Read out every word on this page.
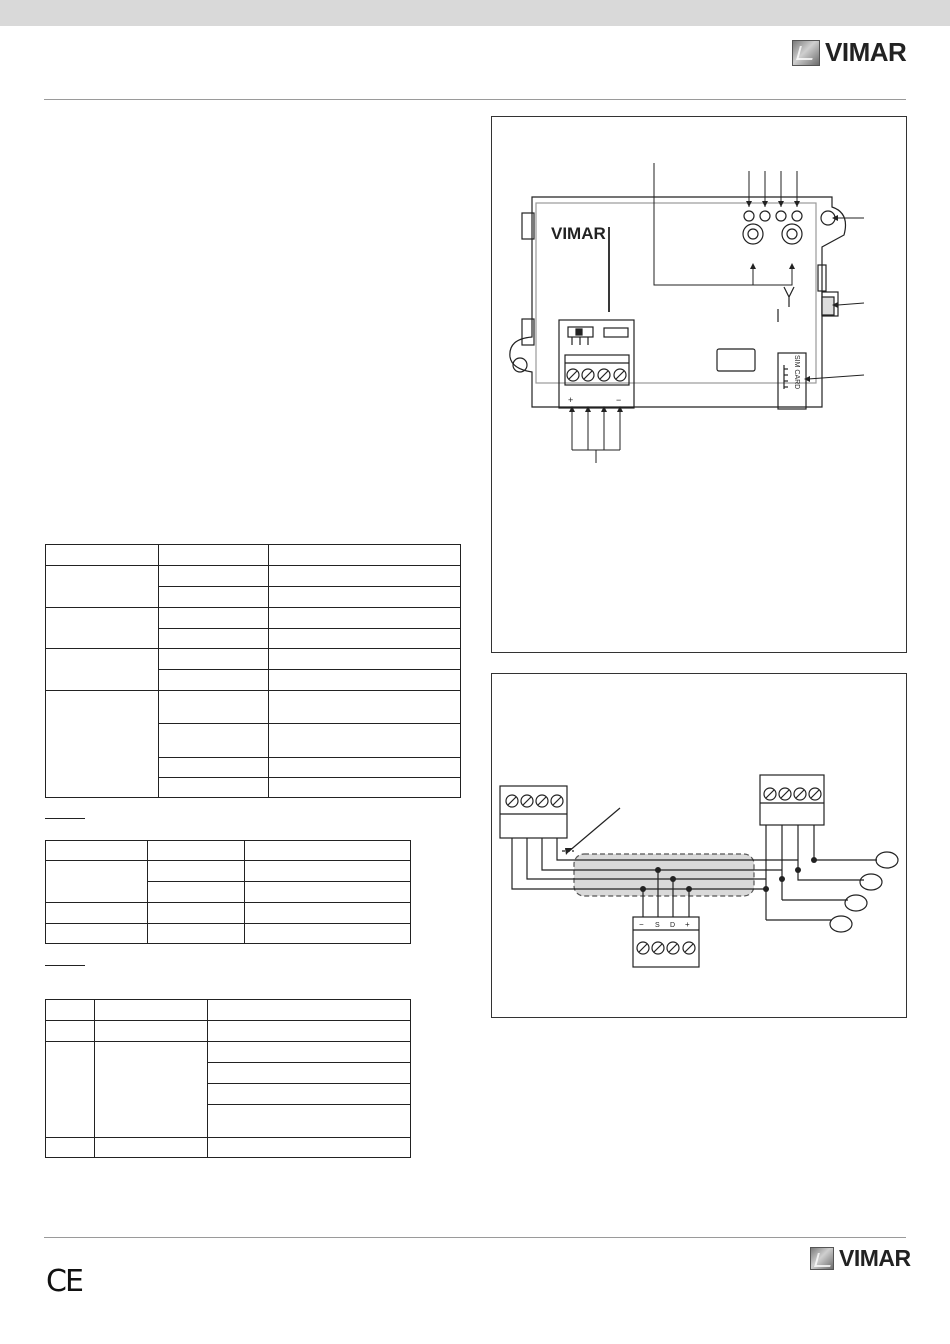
VIMAR

VIMAR
SIM CARD
+	−
− S D +
CE
VIMAR
